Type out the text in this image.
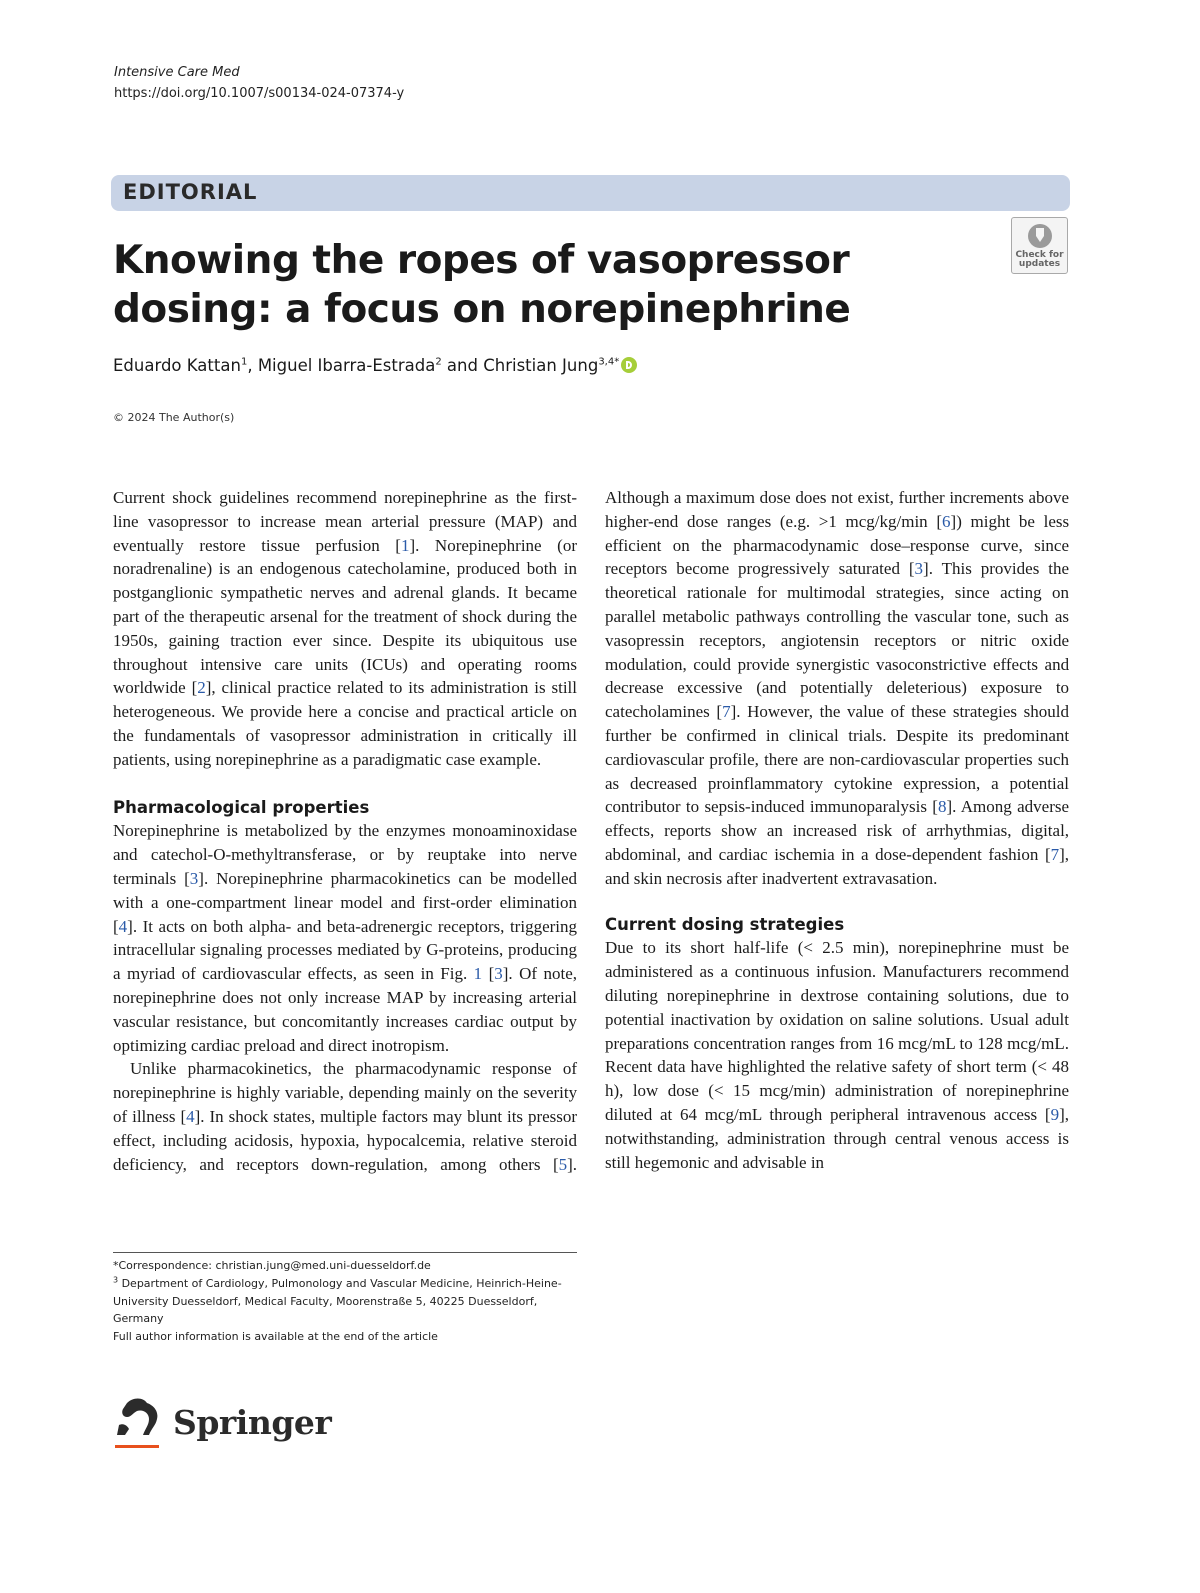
Intensive Care Med
https://doi.org/10.1007/s00134-024-07374-y
EDITORIAL
Check for
updates
Knowing the ropes of vasopressor dosing: a focus on norepinephrine
Eduardo Kattan$^1$, Miguel Ibarra-Estrada$^2$ and Christian Jung$^{3,4*}$
© 2024 The Author(s)

Current shock guidelines recommend norepinephrine as the first-line vasopressor to increase mean arterial pressure (MAP) and eventually restore tissue perfusion [1]. Norepinephrine (or noradrenaline) is an endogenous catecholamine, produced both in postganglionic sympathetic nerves and adrenal glands. It became part of the therapeutic arsenal for the treatment of shock during the 1950s, gaining traction ever since. Despite its ubiquitous use throughout intensive care units (ICUs) and operating rooms worldwide [2], clinical practice related to its administration is still heterogeneous. We provide here a concise and practical article on the fundamentals of vasopressor administration in critically ill patients, using norepinephrine as a paradigmatic case example.

Pharmacological properties

Norepinephrine is metabolized by the enzymes monoaminoxidase and catechol-O-methyltransferase, or by reuptake into nerve terminals [3]. Norepinephrine pharmacokinetics can be modelled with a one-compartment linear model and first-order elimination [4]. It acts on both alpha- and beta-adrenergic receptors, triggering intracellular signaling processes mediated by G-proteins, producing a myriad of cardiovascular effects, as seen in Fig. 1 [3]. Of note, norepinephrine does not only increase MAP by increasing arterial vascular resistance, but concomitantly increases cardiac output by optimizing cardiac preload and direct inotropism.

Unlike pharmacokinetics, the pharmacodynamic response of norepinephrine is highly variable, depending mainly on the severity of illness [4]. In shock states, multiple factors may blunt its pressor effect, including acidosis, hypoxia, hypocalcemia, relative steroid deficiency, and receptors down-regulation, among others [5].

Although a maximum dose does not exist, further increments above higher-end dose ranges (e.g. >1 mcg/kg/min [6]) might be less efficient on the pharmacodynamic dose–response curve, since receptors become progressively saturated [3]. This provides the theoretical rationale for multimodal strategies, since acting on parallel metabolic pathways controlling the vascular tone, such as vasopressin receptors, angiotensin receptors or nitric oxide modulation, could provide synergistic vasoconstrictive effects and decrease excessive (and potentially deleterious) exposure to catecholamines [7]. However, the value of these strategies should further be confirmed in clinical trials. Despite its predominant cardiovascular profile, there are non-cardiovascular properties such as decreased proinflammatory cytokine expression, a potential contributor to sepsis-induced immunoparalysis [8]. Among adverse effects, reports show an increased risk of arrhythmias, digital, abdominal, and cardiac ischemia in a dose-dependent fashion [7], and skin necrosis after inadvertent extravasation.

Current dosing strategies

Due to its short half-life (< 2.5 min), norepinephrine must be administered as a continuous infusion. Manufacturers recommend diluting norepinephrine in dextrose containing solutions, due to potential inactivation by oxidation on saline solutions. Usual adult preparations concentration ranges from 16 mcg/mL to 128 mcg/mL. Recent data have highlighted the relative safety of short term (< 48 h), low dose (< 15 mcg/min) administration of norepinephrine diluted at 64 mcg/mL through peripheral intravenous access [9], notwithstanding, administration through central venous access is still hegemonic and advisable in

*Correspondence: christian.jung@med.uni-duesseldorf.de

$^3$ Department of Cardiology, Pulmonology and Vascular Medicine, Heinrich-Heine-University Duesseldorf, Medical Faculty, Moorenstraße 5, 40225 Duesseldorf, Germany

Full author information is available at the end of the article

Springer
